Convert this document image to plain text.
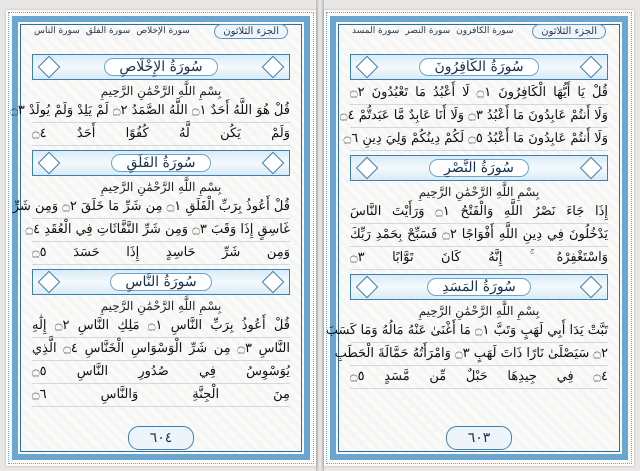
الجزء الثلاثون
سورة الإخلاص
سورة الفلق
سورة الناس
سُورَةُ الإِخْلَاصِ
بِسْمِ اللَّهِ الرَّحْمَٰنِ الرَّحِيمِ
قُلْ هُوَ اللَّهُ أَحَدٌ ۝١ اللَّهُ الصَّمَدُ ۝٢ لَمْ يَلِدْ وَلَمْ يُولَدْ ۝٣
وَلَمْ يَكُن لَّهُ كُفُوًا أَحَدٌ ۝٤
سُورَةُ الفَلَقِ
بِسْمِ اللَّهِ الرَّحْمَٰنِ الرَّحِيمِ
قُلْ أَعُوذُ بِرَبِّ الْفَلَقِ ۝١ مِن شَرِّ مَا خَلَقَ ۝٢ وَمِن شَرِّ
غَاسِقٍ إِذَا وَقَبَ ۝٣ وَمِن شَرِّ النَّفَّاثَاتِ فِي الْعُقَدِ ۝٤
وَمِن شَرِّ حَاسِدٍ إِذَا حَسَدَ ۝٥
سُورَةُ النَّاسِ
بِسْمِ اللَّهِ الرَّحْمَٰنِ الرَّحِيمِ
قُلْ أَعُوذُ بِرَبِّ النَّاسِ ۝١ مَلِكِ النَّاسِ ۝٢ إِلَٰهِ
النَّاسِ ۝٣ مِن شَرِّ الْوَسْوَاسِ الْخَنَّاسِ ۝٤ الَّذِي
يُوَسْوِسُ فِي صُدُورِ النَّاسِ ۝٥
مِنَ الْجِنَّةِ وَالنَّاسِ ۝٦
٦٠٤
الجزء الثلاثون
سورة الكافرون
سورة النصر
سورة المسد
سُورَةُ الكَافِرُونَ
قُلْ يَا أَيُّهَا الْكَافِرُونَ ۝١ لَا أَعْبُدُ مَا تَعْبُدُونَ ۝٢
وَلَا أَنتُمْ عَابِدُونَ مَا أَعْبُدُ ۝٣ وَلَا أَنَا عَابِدٌ مَّا عَبَدتُّمْ ۝٤
وَلَا أَنتُمْ عَابِدُونَ مَا أَعْبُدُ ۝٥ لَكُمْ دِينُكُمْ وَلِيَ دِينِ ۝٦
سُورَةُ النَّصْرِ
بِسْمِ اللَّهِ الرَّحْمَٰنِ الرَّحِيمِ
إِذَا جَاءَ نَصْرُ اللَّهِ وَالْفَتْحُ ۝١ وَرَأَيْتَ النَّاسَ
يَدْخُلُونَ فِي دِينِ اللَّهِ أَفْوَاجًا ۝٢ فَسَبِّحْ بِحَمْدِ رَبِّكَ
وَاسْتَغْفِرْهُ ۚ إِنَّهُ كَانَ تَوَّابًا ۝٣
سُورَةُ المَسَدِ
بِسْمِ اللَّهِ الرَّحْمَٰنِ الرَّحِيمِ
تَبَّتْ يَدَا أَبِي لَهَبٍ وَتَبَّ ۝١ مَا أَغْنَىٰ عَنْهُ مَالُهُ وَمَا كَسَبَ
۝٢ سَيَصْلَىٰ نَارًا ذَاتَ لَهَبٍ ۝٣ وَامْرَأَتُهُ حَمَّالَةَ الْحَطَبِ
۝٤ فِي جِيدِهَا حَبْلٌ مِّن مَّسَدٍ ۝٥
٦٠٣
